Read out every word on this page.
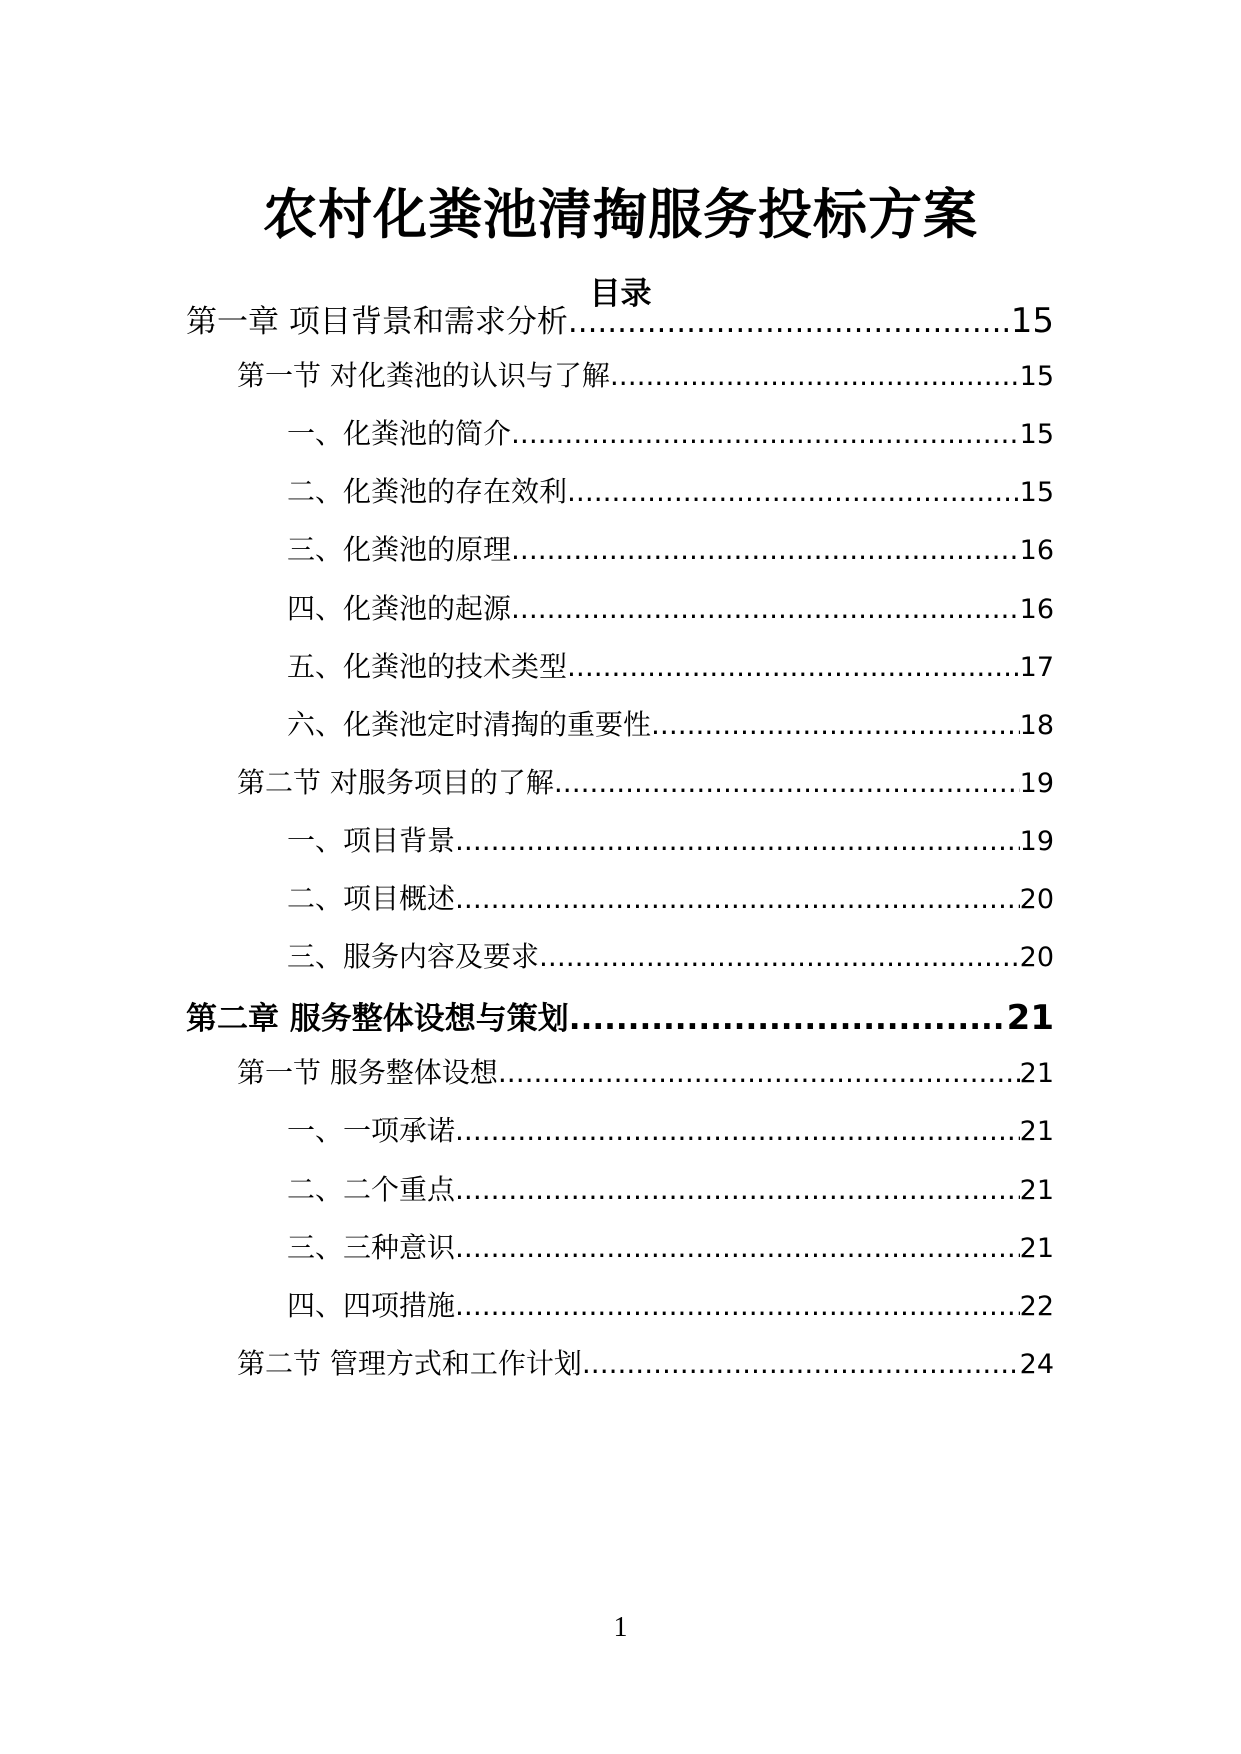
农村化粪池清掏服务投标方案
目录
第一章 项目背景和需求分析 .....	15
第一节 对化粪池的认识与了解 .....	15
一、化粪池的简介 .....	15
二、化粪池的存在效利 .....	15
三、化粪池的原理 .....	16
四、化粪池的起源 .....	16
五、化粪池的技术类型 .....	17
六、化粪池定时清掏的重要性 .....	18
第二节 对服务项目的了解 .....	19
一、项目背景 .....	19
二、项目概述 .....	20
三、服务内容及要求 .....	20
第二章 服务整体设想与策划 .....	21
第一节 服务整体设想 .....	21
一、一项承诺 .....	21
二、二个重点 .....	21
三、三种意识 .....	21
四、四项措施 .....	22
第二节 管理方式和工作计划 .....	24
1
